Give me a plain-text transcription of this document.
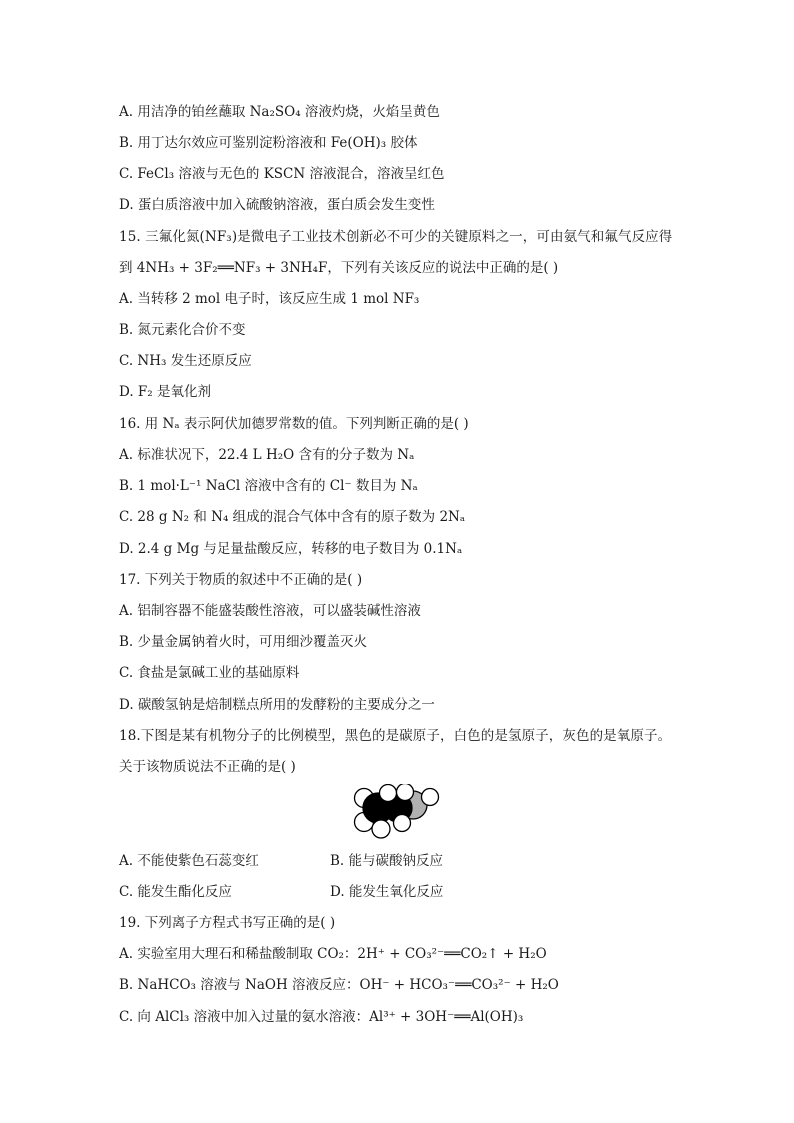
A. 用洁净的铂丝蘸取 Na₂SO₄ 溶液灼烧，火焰呈黄色
B. 用丁达尔效应可鉴别淀粉溶液和 Fe(OH)₃ 胶体
C. FeCl₃ 溶液与无色的 KSCN 溶液混合，溶液呈红色
D. 蛋白质溶液中加入硫酸钠溶液，蛋白质会发生变性
15. 三氟化氮(NF₃)是微电子工业技术创新必不可少的关键原料之一，可由氨气和氟气反应得
到 4NH₃ + 3F₂══NF₃ + 3NH₄F，下列有关该反应的说法中正确的是( )
A. 当转移 2 mol 电子时，该反应生成 1 mol NF₃
B. 氮元素化合价不变
C. NH₃ 发生还原反应
D. F₂ 是氧化剂
16. 用 Nₐ 表示阿伏加德罗常数的值。下列判断正确的是( )
A. 标准状况下，22.4 L H₂O 含有的分子数为 Nₐ
B. 1 mol·L⁻¹ NaCl 溶液中含有的 Cl⁻ 数目为 Nₐ
C. 28 g N₂ 和 N₄ 组成的混合气体中含有的原子数为 2Nₐ
D. 2.4 g Mg 与足量盐酸反应，转移的电子数目为 0.1Nₐ
17. 下列关于物质的叙述中不正确的是( )
A. 铝制容器不能盛装酸性溶液，可以盛装碱性溶液
B. 少量金属钠着火时，可用细沙覆盖灭火
C. 食盐是氯碱工业的基础原料
D. 碳酸氢钠是焙制糕点所用的发酵粉的主要成分之一
18.下图是某有机物分子的比例模型，黑色的是碳原子，白色的是氢原子，灰色的是氧原子。
关于该物质说法不正确的是( )
A. 不能使紫色石蕊变红	B. 能与碳酸钠反应
C. 能发生酯化反应	D. 能发生氧化反应
19. 下列离子方程式书写正确的是( )
A. 实验室用大理石和稀盐酸制取 CO₂：2H⁺ + CO₃²⁻══CO₂↑ + H₂O
B. NaHCO₃ 溶液与 NaOH 溶液反应：OH⁻ + HCO₃⁻══CO₃²⁻ + H₂O
C. 向 AlCl₃ 溶液中加入过量的氨水溶液：Al³⁺ + 3OH⁻══Al(OH)₃
